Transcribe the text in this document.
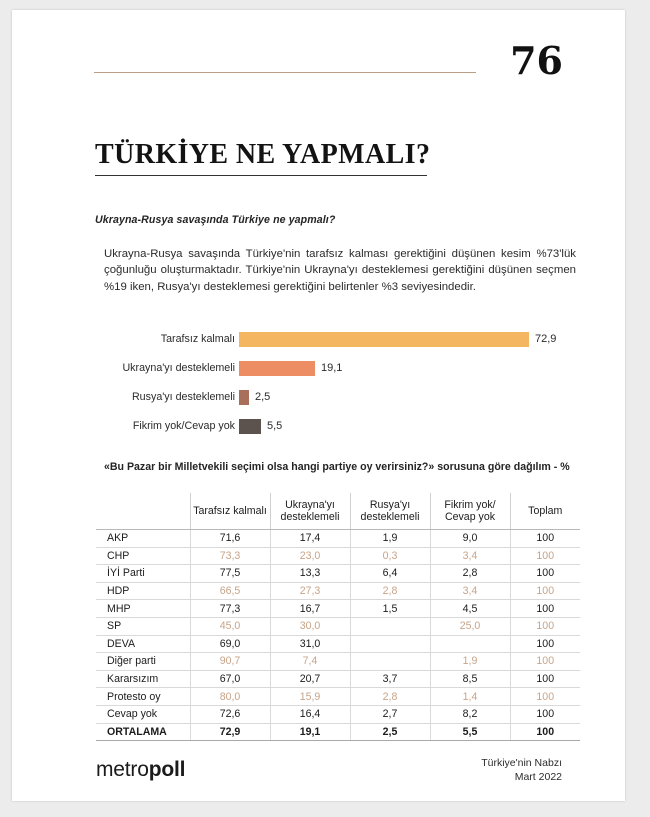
76
TÜRKİYE NE YAPMALI?
Ukrayna-Rusya savaşında Türkiye ne yapmalı?
Ukrayna-Rusya savaşında Türkiye'nin tarafsız kalması gerektiğini düşünen kesim %73'lük çoğunluğu oluşturmaktadır. Türkiye'nin Ukrayna'yı desteklemesi gerektiğini düşünen seçmen %19 iken, Rusya'yı desteklemesi gerektiğini belirtenler %3 seviyesindedir.
Tarafsız kalmalı	72,9
Ukrayna'yı desteklemeli	19,1
Rusya'yı desteklemeli 2,5
Fikrim yok/Cevap yok	5,5
«Bu Pazar bir Milletvekili seçimi olsa hangi partiye oy verirsiniz?» sorusuna göre dağılım - %
	Tarafsız kalmalı	Ukrayna'yı desteklemeli	Rusya'yı desteklemeli	Fikrim yok/ Cevap yok	Toplam
AKP	71,6	17,4	1,9	9,0	100
CHP	73,3	23,0	0,3	3,4	100
İYİ Parti	77,5	13,3	6,4	2,8	100
HDP	66,5	27,3	2,8	3,4	100
MHP	77,3	16,7	1,5	4,5	100
SP	45,0	30,0		25,0	100
DEVA	69,0	31,0			100
Diğer parti	90,7	7,4		1,9	100
Kararsızım	67,0	20,7	3,7	8,5	100
Protesto oy	80,0	15,9	2,8	1,4	100
Cevap yok	72,6	16,4	2,7	8,2	100
ORTALAMA	72,9	19,1	2,5	5,5	100
metropoll	Türkiye'nin Nabzı
Mart 2022
